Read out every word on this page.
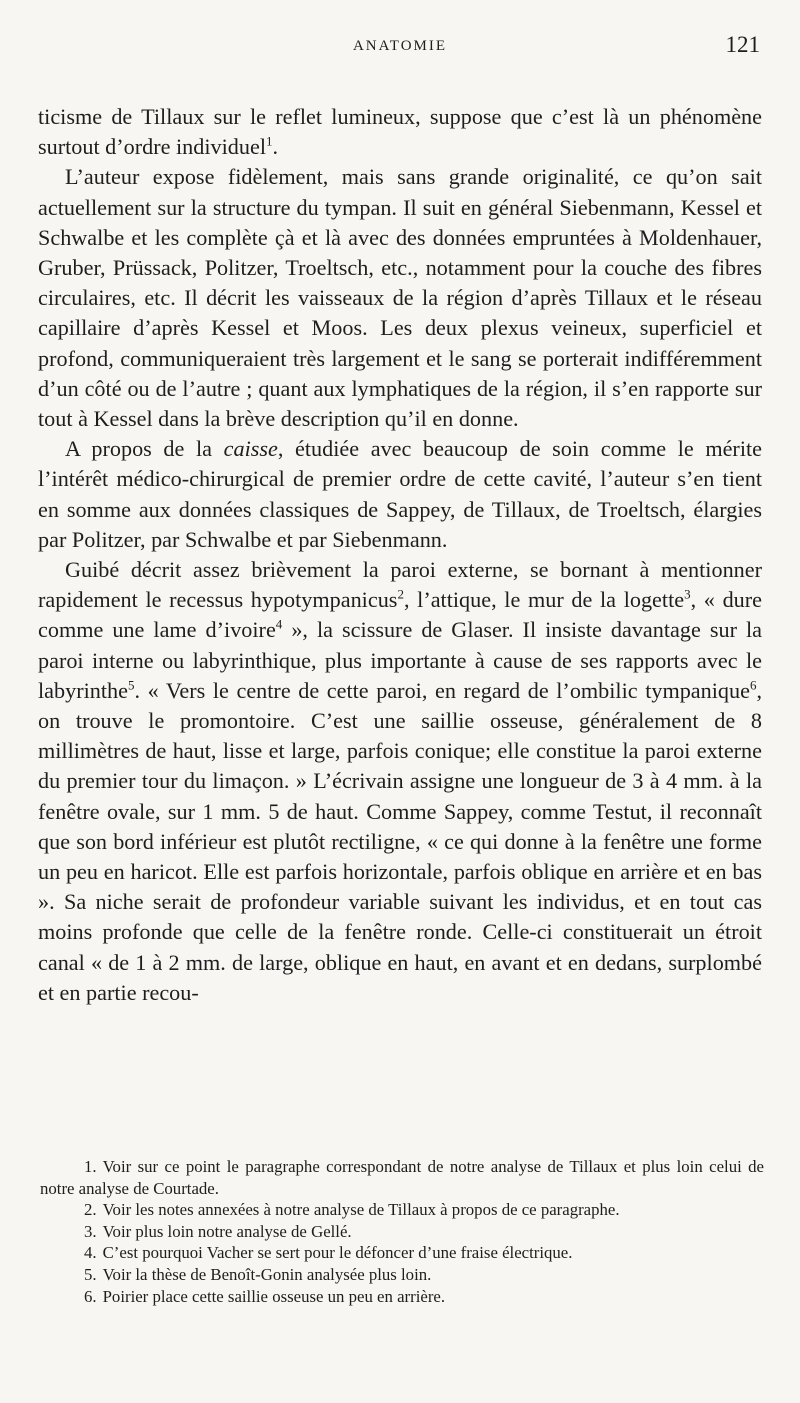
ANATOMIE	121

ticisme de Tillaux sur le reflet lumineux, suppose que c’est là un phénomène surtout d’ordre individuel$^1$.

L’auteur expose fidèlement, mais sans grande originalité, ce qu’on sait actuellement sur la structure du tympan. Il suit en général Siebenmann, Kessel et Schwalbe et les complète çà et là avec des données empruntées à Moldenhauer, Gruber, Prüssack, Politzer, Troeltsch, etc., notamment pour la couche des fibres circulaires, etc. Il décrit les vaisseaux de la région d’après Tillaux et le réseau capillaire d’après Kessel et Moos. Les deux plexus veineux, superficiel et profond, communiqueraient très largement et le sang se porterait indifféremment d’un côté ou de l’autre ; quant aux lymphatiques de la région, il s’en rapporte sur tout à Kessel dans la brève description qu’il en donne.

A propos de la caisse, étudiée avec beaucoup de soin comme le mérite l’intérêt médico-chirurgical de premier ordre de cette cavité, l’auteur s’en tient en somme aux données classiques de Sappey, de Tillaux, de Troeltsch, élargies par Politzer, par Schwalbe et par Siebenmann.

Guibé décrit assez brièvement la paroi externe, se bornant à mentionner rapidement le recessus hypotympanicus$^2$, l’attique, le mur de la logette$^3$, « dure comme une lame d’ivoire$^4$ », la scissure de Glaser. Il insiste davantage sur la paroi interne ou labyrinthique, plus importante à cause de ses rapports avec le labyrinthe$^5$. « Vers le centre de cette paroi, en regard de l’ombilic tympanique$^6$, on trouve le promontoire. C’est une saillie osseuse, généralement de 8 millimètres de haut, lisse et large, parfois conique; elle constitue la paroi externe du premier tour du limaçon. » L’écrivain assigne une longueur de 3 à 4 mm. à la fenêtre ovale, sur 1 mm. 5 de haut. Comme Sappey, comme Testut, il reconnaît que son bord inférieur est plutôt rectiligne, « ce qui donne à la fenêtre une forme un peu en haricot. Elle est parfois horizontale, parfois oblique en arrière et en bas ». Sa niche serait de profondeur variable suivant les individus, et en tout cas moins profonde que celle de la fenêtre ronde. Celle-ci constituerait un étroit canal « de 1 à 2 mm. de large, oblique en haut, en avant et en dedans, surplombé et en partie recou-

1. Voir sur ce point le paragraphe correspondant de notre analyse de Tillaux et plus loin celui de notre analyse de Courtade.

2. Voir les notes annexées à notre analyse de Tillaux à propos de ce paragraphe.

3. Voir plus loin notre analyse de Gellé.

4. C’est pourquoi Vacher se sert pour le défoncer d’une fraise électrique.

5. Voir la thèse de Benoît-Gonin analysée plus loin.

6. Poirier place cette saillie osseuse un peu en arrière.
